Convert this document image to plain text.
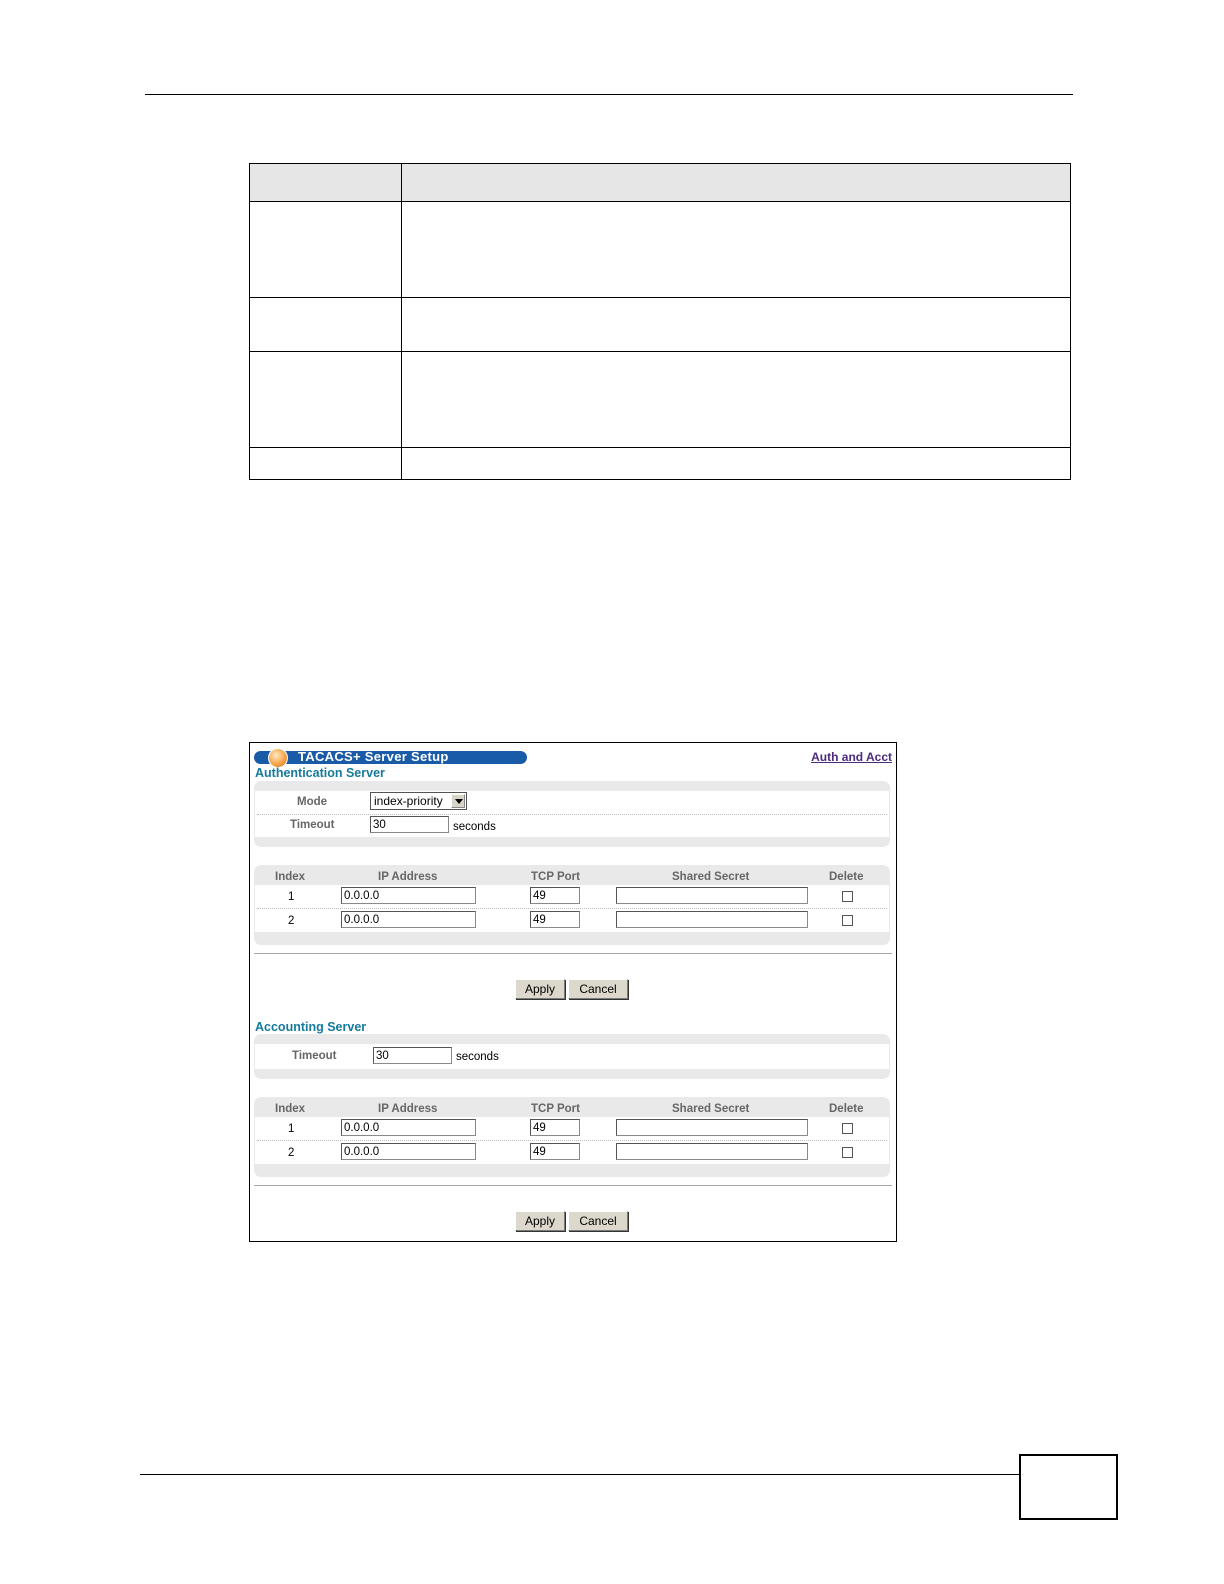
TACACS+ Server Setup	Auth and Acct
Authentication Server
Mode	index-priority
Timeout	30	seconds
Index	IP Address	TCP Port	Shared Secret	Delete
1	0.0.0.0	49
2	0.0.0.0	49
Apply	Cancel
Accounting Server
Timeout	30	seconds
Index	IP Address	TCP Port	Shared Secret	Delete
1	0.0.0.0	49
2	0.0.0.0	49
Apply	Cancel
